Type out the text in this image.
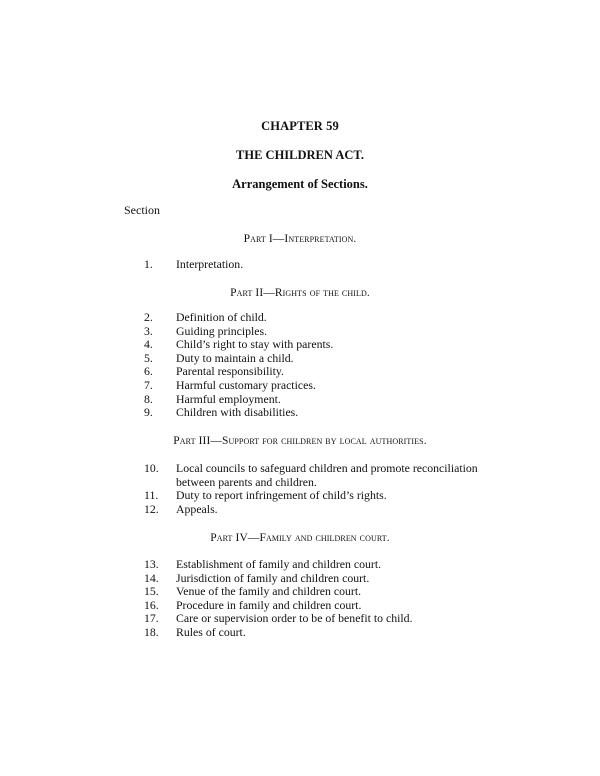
CHAPTER 59
THE CHILDREN ACT.
Arrangement of Sections.
Section
Part I—Interpretation.
1.	Interpretation.
Part II—Rights of the child.
2.	Definition of child.
3.	Guiding principles.
4.	Child’s right to stay with parents.
5.	Duty to maintain a child.
6.	Parental responsibility.
7.	Harmful customary practices.
8.	Harmful employment.
9.	Children with disabilities.
Part III—Support for children by local authorities.
10.	Local councils to safeguard children and promote reconciliation
between parents and children.
11.	Duty to report infringement of child’s rights.
12.	Appeals.
Part IV—Family and children court.
13.	Establishment of family and children court.
14.	Jurisdiction of family and children court.
15.	Venue of the family and children court.
16.	Procedure in family and children court.
17.	Care or supervision order to be of benefit to child.
18.	Rules of court.
